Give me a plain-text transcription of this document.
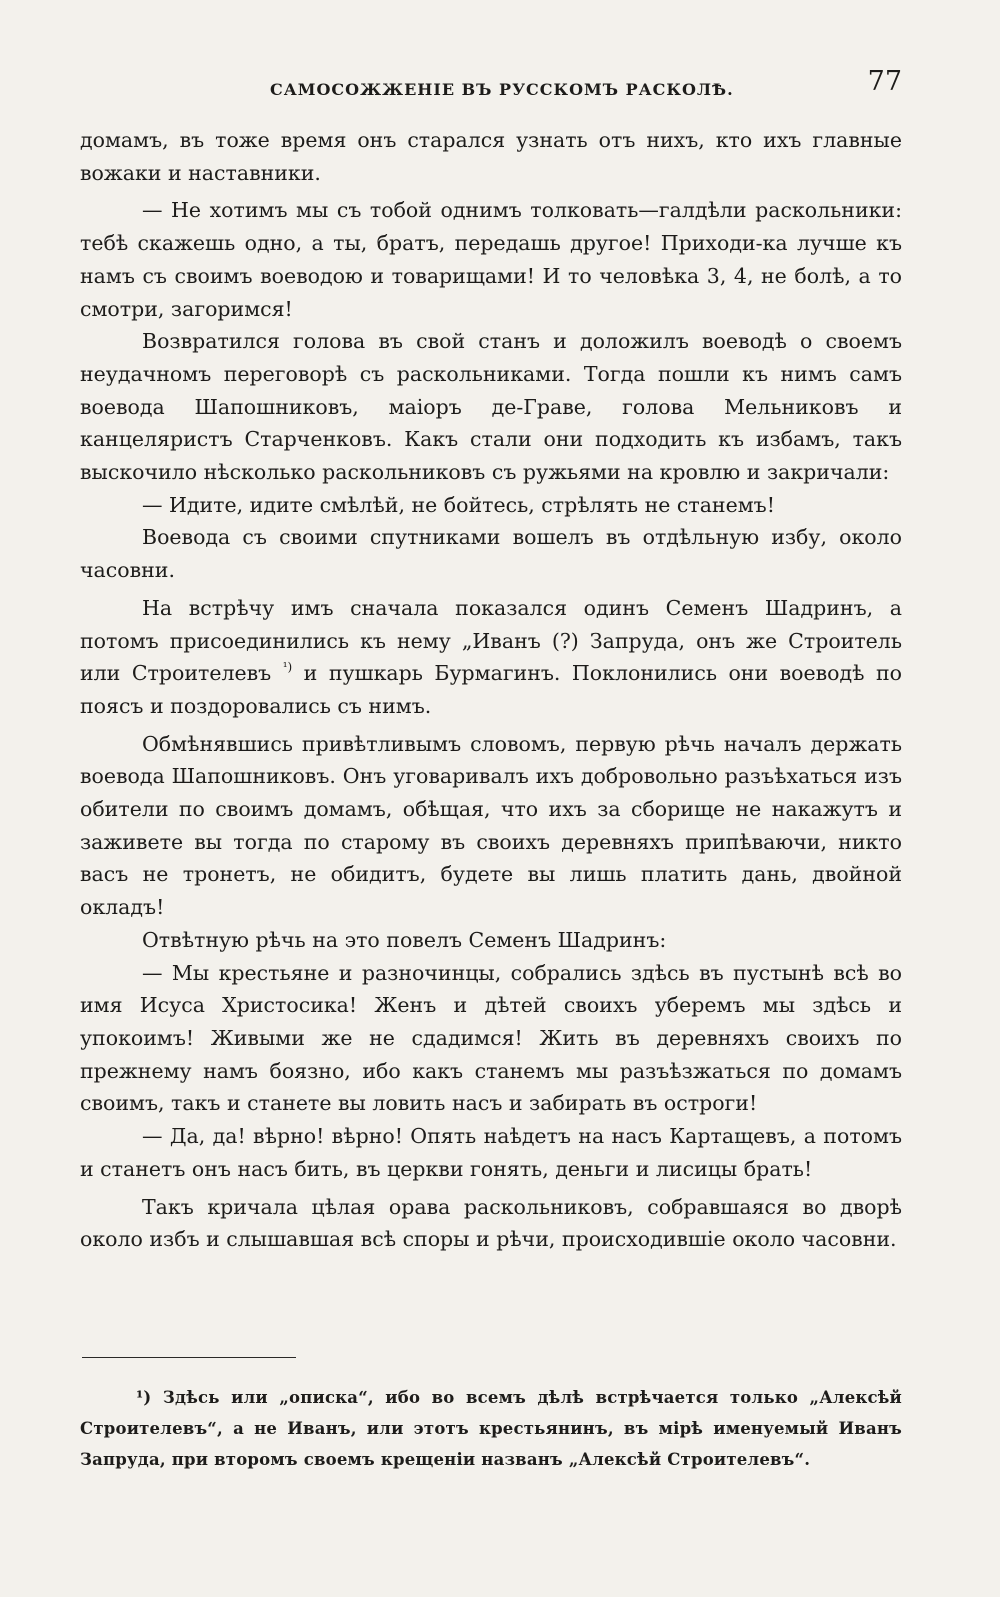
САМОСОЖЖЕНІЕ ВЪ РУССКОМЪ РАСКОЛѢ.	77

домамъ, въ тоже время онъ старался узнать отъ нихъ, кто ихъ главные вожаки и наставники.

— Не хотимъ мы съ тобой однимъ толковать—галдѣли раскольники: тебѣ скажешь одно, а ты, братъ, передашь другое! Приходи-ка лучше къ намъ съ своимъ воеводою и товарищами! И то человѣка 3, 4, не болѣ, а то смотри, загоримся!

Возвратился голова въ свой станъ и доложилъ воеводѣ о своемъ неудачномъ переговорѣ съ раскольниками. Тогда пошли къ нимъ самъ воевода Шапошниковъ, маіоръ де-Граве, голова Мельниковъ и канцеляристъ Старченковъ. Какъ стали они подходить къ избамъ, такъ выскочило нѣсколько раскольниковъ съ ружьями на кровлю и закричали:

— Идите, идите смѣлѣй, не бойтесь, стрѣлять не станемъ!

Воевода съ своими спутниками вошелъ въ отдѣльную избу, около часовни.

На встрѣчу имъ сначала показался одинъ Семенъ Шадринъ, а потомъ присоединились къ нему „Иванъ (?) Запруда, онъ же Строитель или Строителевъ $^{^1)}$ и пушкарь Бурмагинъ. Поклонились они воеводѣ по поясъ и поздоровались съ нимъ.

Обмѣнявшись привѣтливымъ словомъ, первую рѣчь началъ держать воевода Шапошниковъ. Онъ уговаривалъ ихъ добровольно разъѣхаться изъ обители по своимъ домамъ, обѣщая, что ихъ за сборище не накажутъ и заживете вы тогда по старому въ своихъ деревняхъ припѣваючи, никто васъ не тронетъ, не обидитъ, будете вы лишь платить дань, двойной окладъ!

Отвѣтную рѣчь на это повелъ Семенъ Шадринъ:

— Мы крестьяне и разночинцы, собрались здѣсь въ пустынѣ всѣ во имя Исуса Христосика! Женъ и дѣтей своихъ уберемъ мы здѣсь и упокоимъ! Живыми же не сдадимся! Жить въ деревняхъ своихъ по прежнему намъ боязно, ибо какъ станемъ мы разъѣзжаться по домамъ своимъ, такъ и станете вы ловить насъ и забирать въ остроги!

— Да, да! вѣрно! вѣрно! Опять наѣдетъ на насъ Картащевъ, а потомъ и станетъ онъ насъ бить, въ церкви гонять, деньги и лисицы брать!

Такъ кричала цѣлая орава раскольниковъ, собравшаяся во дворѣ около избъ и слышавшая всѣ споры и рѣчи, происходившіе около часовни.

¹) Здѣсь или „описка“, ибо во всемъ дѣлѣ встрѣчается только „Алексѣй Строителевъ“, а не Иванъ, или этотъ крестьянинъ, въ мірѣ именуемый Иванъ Запруда, при второмъ своемъ крещеніи названъ „Алексѣй Строителевъ“.
